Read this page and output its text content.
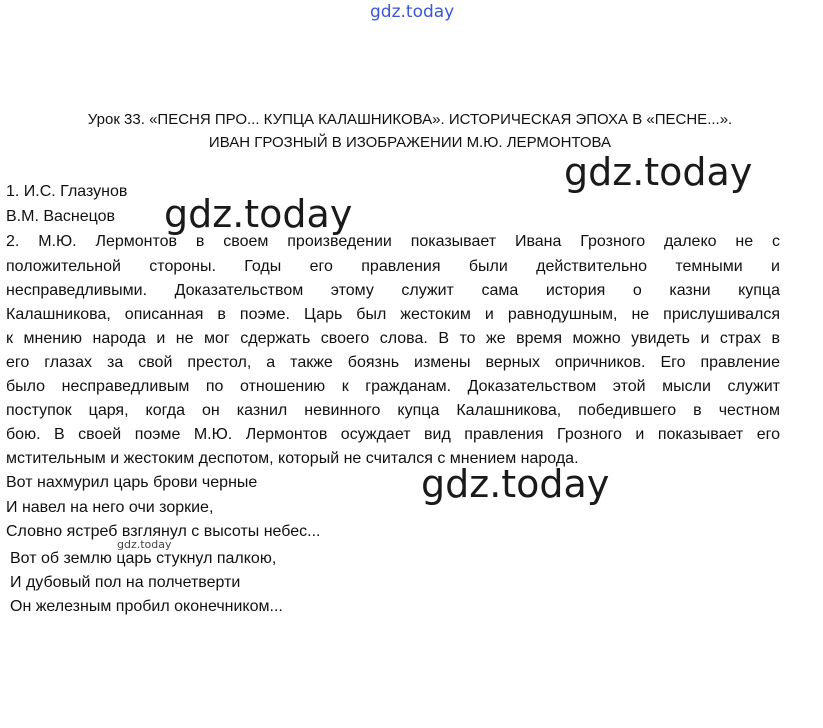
gdz.today
Урок 33. «ПЕСНЯ ПРО... КУПЦА КАЛАШНИКОВА». ИСТОРИЧЕСКАЯ ЭПОХА В «ПЕСНЕ...».
ИВАН ГРОЗНЫЙ В ИЗОБРАЖЕНИИ М.Ю. ЛЕРМОНТОВА
1. И.С. Глазунов
В.М. Васнецов
2. М.Ю. Лермонтов в своем произведении показывает Ивана Грозного далеко не с
положительной стороны. Годы его правления были действительно темными и
несправедливыми. Доказательством этому служит сама история о казни купца
Калашникова, описанная в поэме. Царь был жестоким и равнодушным, не прислушивался
к мнению народа и не мог сдержать своего слова. В то же время можно увидеть и страх в
его глазах за свой престол, а также боязнь измены верных опричников. Его правление
было несправедливым по отношению к гражданам. Доказательством этой мысли служит
поступок царя, когда он казнил невинного купца Калашникова, победившего в честном
бою. В своей поэме М.Ю. Лермонтов осуждает вид правления Грозного и показывает его
мстительным и жестоким деспотом, который не считался с мнением народа.
Вот нахмурил царь брови черные
И навел на него очи зоркие,
Словно ястреб взглянул с высоты небес...
Вот об землю царь стукнул палкою,
И дубовый пол на полчетверти
Он железным пробил оконечником...
gdz.today
gdz.today
gdz.today
gdz.today
